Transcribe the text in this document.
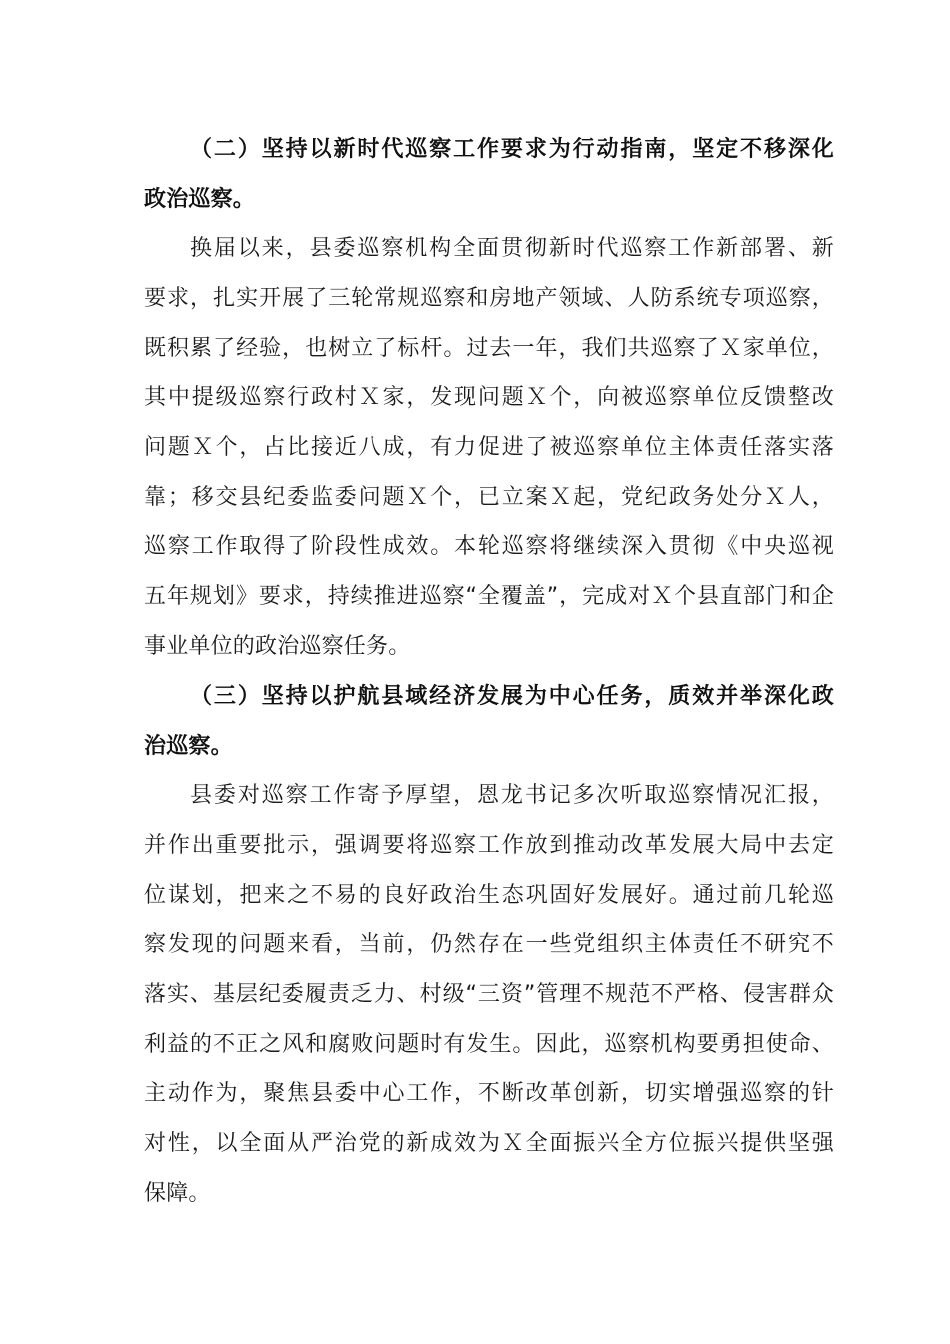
（二）坚持以新时代巡察工作要求为行动指南，坚定不移深化
政治巡察。
换届以来，县委巡察机构全面贯彻新时代巡察工作新部署、新
要求，扎实开展了三轮常规巡察和房地产领域、人防系统专项巡察，
既积累了经验，也树立了标杆。过去一年，我们共巡察了Ｘ家单位，
其中提级巡察行政村Ｘ家，发现问题Ｘ个，向被巡察单位反馈整改
问题Ｘ个，占比接近八成，有力促进了被巡察单位主体责任落实落
靠；移交县纪委监委问题Ｘ个，已立案Ｘ起，党纪政务处分Ｘ人，
巡察工作取得了阶段性成效。本轮巡察将继续深入贯彻《中央巡视
五年规划》要求，持续推进巡察“全覆盖”，完成对Ｘ个县直部门和企
事业单位的政治巡察任务。
（三）坚持以护航县域经济发展为中心任务，质效并举深化政
治巡察。
县委对巡察工作寄予厚望，恩龙书记多次听取巡察情况汇报，
并作出重要批示，强调要将巡察工作放到推动改革发展大局中去定
位谋划，把来之不易的良好政治生态巩固好发展好。通过前几轮巡
察发现的问题来看，当前，仍然存在一些党组织主体责任不研究不
落实、基层纪委履责乏力、村级“三资”管理不规范不严格、侵害群众
利益的不正之风和腐败问题时有发生。因此，巡察机构要勇担使命、
主动作为，聚焦县委中心工作，不断改革创新，切实增强巡察的针
对性，以全面从严治党的新成效为Ｘ全面振兴全方位振兴提供坚强
保障。
